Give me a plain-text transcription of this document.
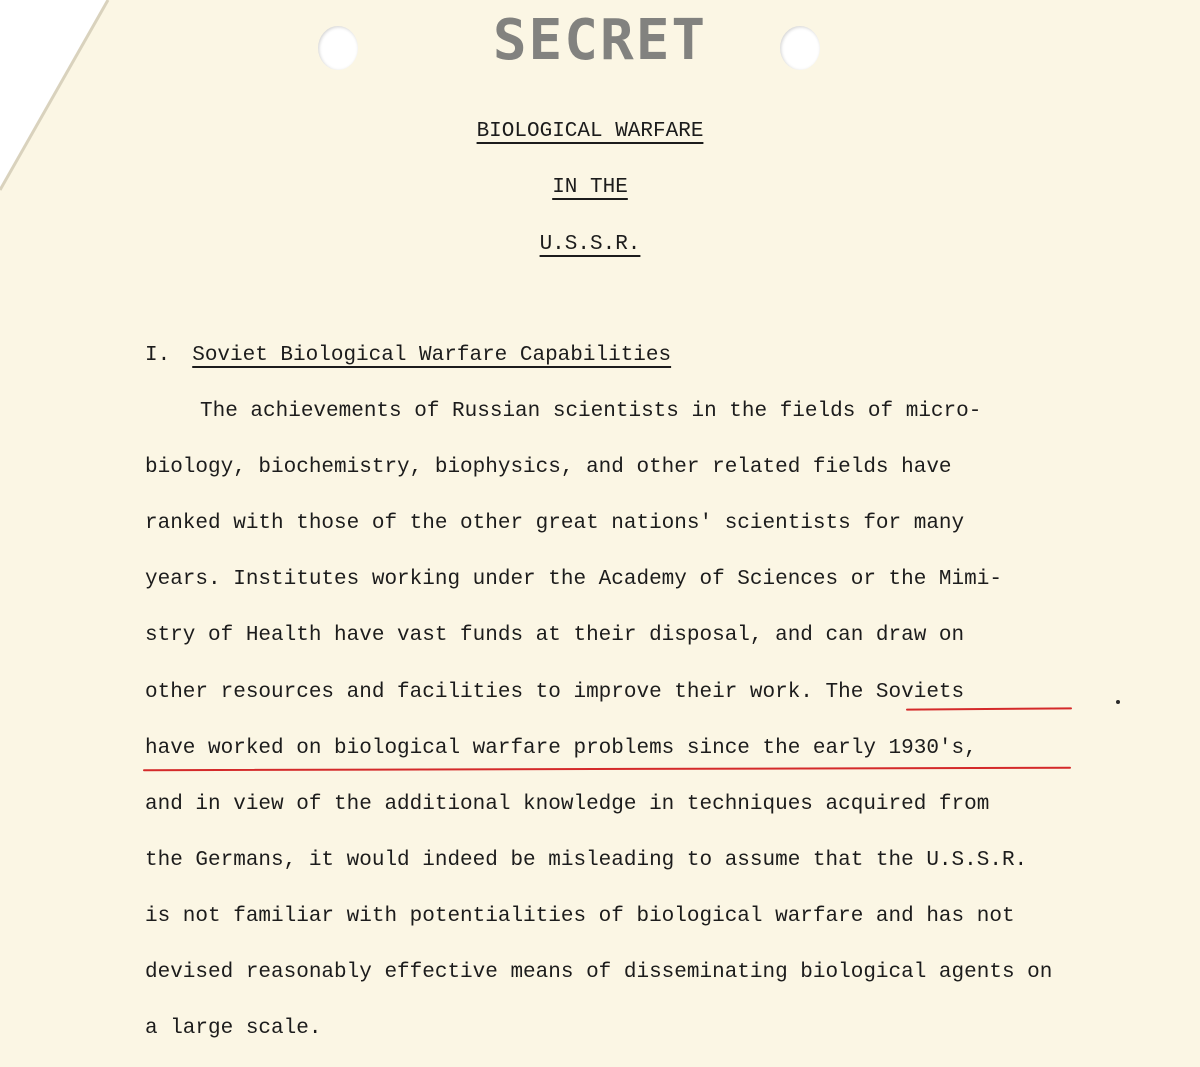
SECRET
BIOLOGICAL WARFARE
IN THE
U.S.S.R.
I. Soviet Biological Warfare Capabilities
The achievements of Russian scientists in the fields of micro-
biology, biochemistry, biophysics, and other related fields have
ranked with those of the other great nations' scientists for many
years. Institutes working under the Academy of Sciences or the Mimi-
stry of Health have vast funds at their disposal, and can draw on
other resources and facilities to improve their work. The Soviets
have worked on biological warfare problems since the early 1930's,
and in view of the additional knowledge in techniques acquired from
the Germans, it would indeed be misleading to assume that the U.S.S.R.
is not familiar with potentialities of biological warfare and has not
devised reasonably effective means of disseminating biological agents on
a large scale.
